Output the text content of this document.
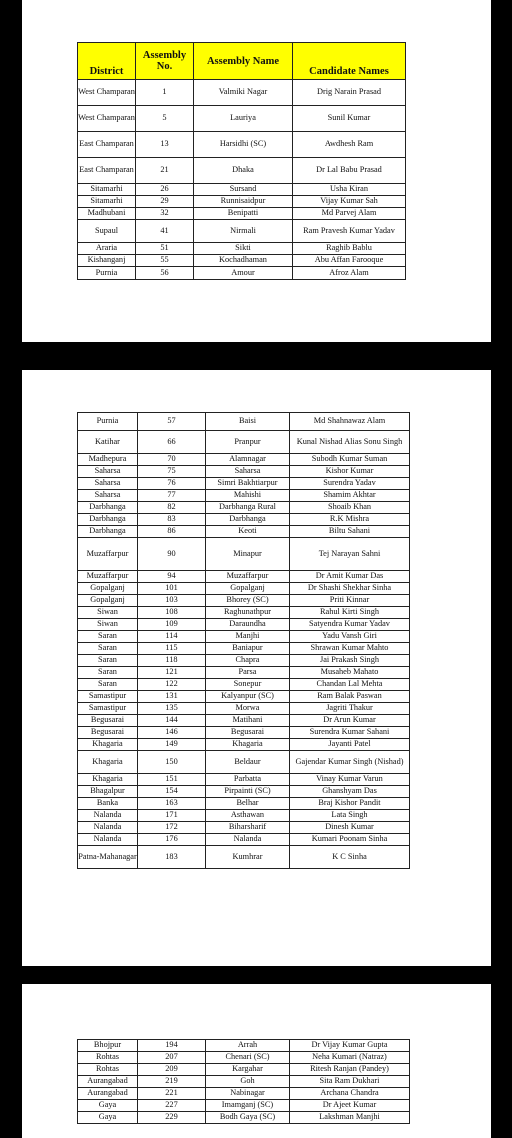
District	Assembly No.	Assembly Name	Candidate Names
West Champaran	1	Valmiki Nagar	Drig Narain Prasad
West Champaran	5	Lauriya	Sunil Kumar
East Champaran	13	Harsidhi (SC)	Awdhesh Ram
East Champaran	21	Dhaka	Dr Lal Babu Prasad
Sitamarhi	26	Sursand	Usha Kiran
Sitamarhi	29	Runnisaidpur	Vijay Kumar Sah
Madhubani	32	Benipatti	Md Parvej Alam
Supaul	41	Nirmali	Ram Pravesh Kumar Yadav
Araria	51	Sikti	Raghib Bablu
Kishanganj	55	Kochadhaman	Abu Affan Farooque
Purnia	56	Amour	Afroz Alam
Purnia	57	Baisi	Md Shahnawaz Alam
Katihar	66	Pranpur	Kunal Nishad Alias Sonu Singh
Madhepura	70	Alamnagar	Subodh Kumar Suman
Saharsa	75	Saharsa	Kishor Kumar
Saharsa	76	Simri Bakhtiarpur	Surendra Yadav
Saharsa	77	Mahishi	Shamim Akhtar
Darbhanga	82	Darbhanga Rural	Shoaib Khan
Darbhanga	83	Darbhanga	R.K Mishra
Darbhanga	86	Keoti	Biltu Sahani
Muzaffarpur	90	Minapur	Tej Narayan Sahni
Muzaffarpur	94	Muzaffarpur	Dr Amit Kumar Das
Gopalganj	101	Gopalganj	Dr Shashi Shekhar Sinha
Gopalganj	103	Bhorey (SC)	Priti Kinnar
Siwan	108	Raghunathpur	Rahul Kirti Singh
Siwan	109	Daraundha	Satyendra Kumar Yadav
Saran	114	Manjhi	Yadu Vansh Giri
Saran	115	Baniapur	Shrawan Kumar Mahto
Saran	118	Chapra	Jai Prakash Singh
Saran	121	Parsa	Musaheb Mahato
Saran	122	Sonepur	Chandan Lal Mehta
Samastipur	131	Kalyanpur (SC)	Ram Balak Paswan
Samastipur	135	Morwa	Jagriti Thakur
Begusarai	144	Matihani	Dr Arun Kumar
Begusarai	146	Begusarai	Surendra Kumar Sahani
Khagaria	149	Khagaria	Jayanti Patel
Khagaria	150	Beldaur	Gajendar Kumar Singh (Nishad)
Khagaria	151	Parbatta	Vinay Kumar Varun
Bhagalpur	154	Pirpainti (SC)	Ghanshyam Das
Banka	163	Belhar	Braj Kishor Pandit
Nalanda	171	Asthawan	Lata Singh
Nalanda	172	Biharsharif	Dinesh Kumar
Nalanda	176	Nalanda	Kumari Poonam Sinha
Patna-Mahanagar	183	Kumhrar	K C Sinha
Bhojpur	194	Arrah	Dr Vijay Kumar Gupta
Rohtas	207	Chenari (SC)	Neha Kumari (Natraz)
Rohtas	209	Kargahar	Ritesh Ranjan (Pandey)
Aurangabad	219	Goh	Sita Ram Dukhari
Aurangabad	221	Nabinagar	Archana Chandra
Gaya	227	Imamganj (SC)	Dr Ajeet Kumar
Gaya	229	Bodh Gaya (SC)	Lakshman Manjhi
